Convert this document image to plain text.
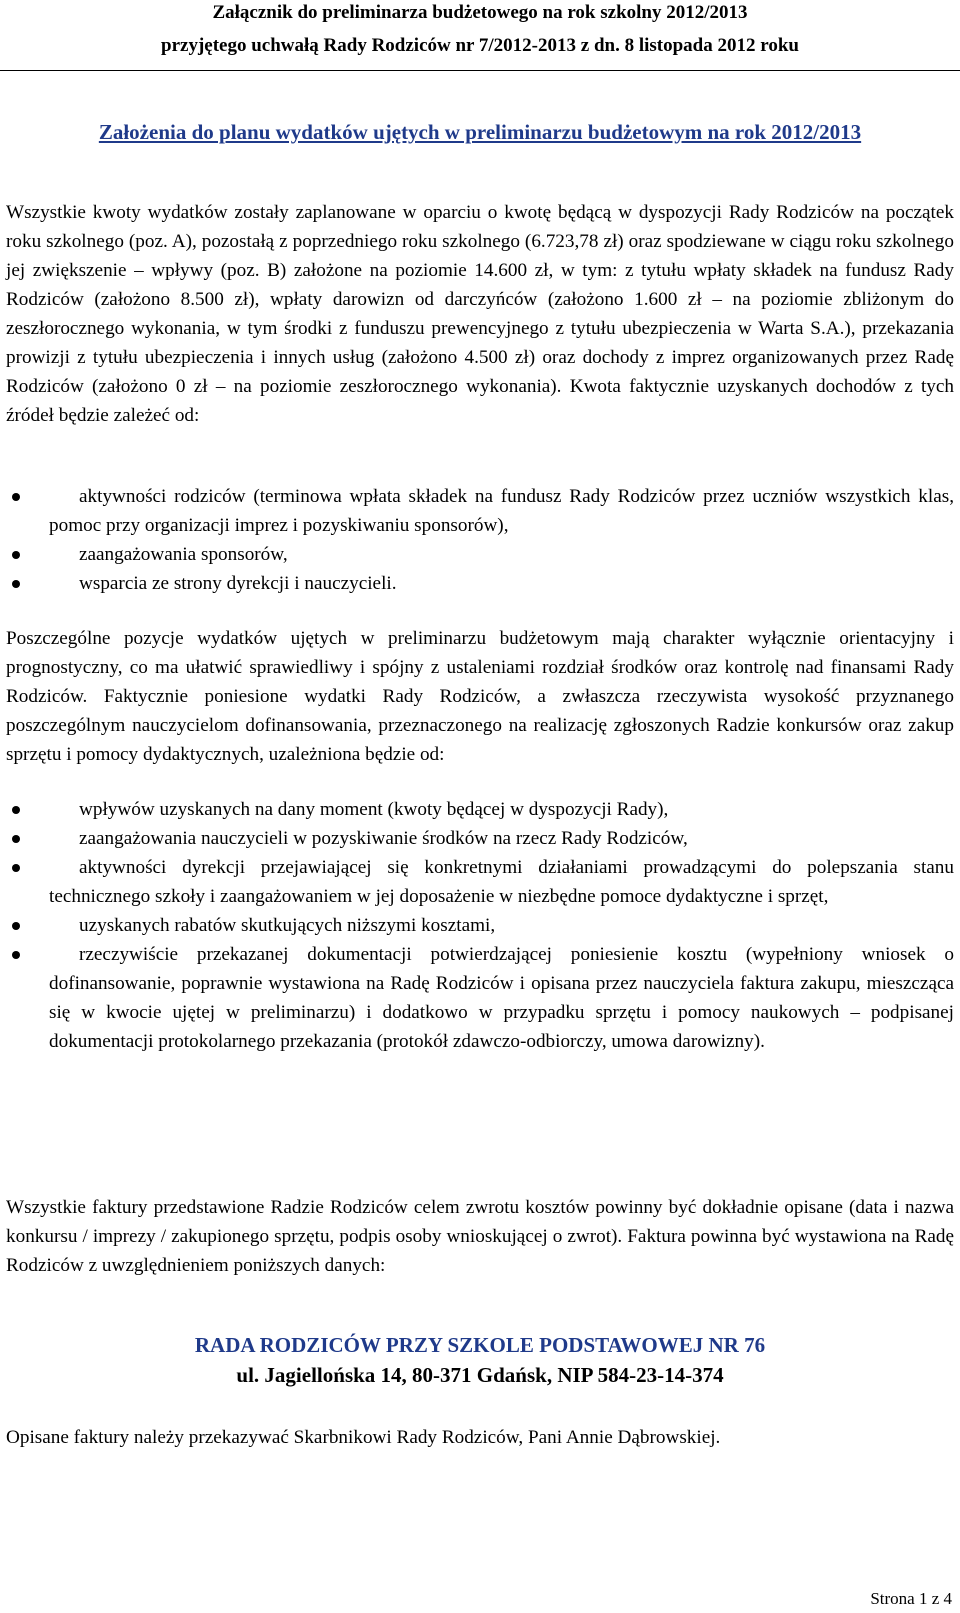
Załącznik do preliminarza budżetowego na rok szkolny 2012/2013
przyjętego uchwałą Rady Rodziców nr 7/2012-2013 z dn. 8 listopada 2012 roku
Założenia do planu wydatków ujętych w preliminarzu budżetowym na rok 2012/2013

Wszystkie kwoty wydatków zostały zaplanowane w oparciu o kwotę będącą w dyspozycji Rady Rodziców na początek roku szkolnego (poz. A), pozostałą z poprzedniego roku szkolnego (6.723,78 zł) oraz spodziewane w ciągu roku szkolnego jej zwiększenie – wpływy (poz. B) założone na poziomie 14.600 zł, w tym: z tytułu wpłaty składek na fundusz Rady Rodziców (założono 8.500 zł), wpłaty darowizn od darczyńców (założono 1.600 zł – na poziomie zbliżonym do zeszłorocznego wykonania, w tym środki z funduszu prewencyjnego z tytułu ubezpieczenia w Warta S.A.), przekazania prowizji z tytułu ubezpieczenia i innych usług (założono 4.500 zł) oraz dochody z imprez organizowanych przez Radę Rodziców (założono 0 zł – na poziomie zeszłorocznego wykonania). Kwota faktycznie uzyskanych dochodów z tych źródeł będzie zależeć od:

aktywności rodziców (terminowa wpłata składek na fundusz Rady Rodziców przez uczniów wszystkich klas, pomoc przy organizacji imprez i pozyskiwaniu sponsorów),
zaangażowania sponsorów,
wsparcia ze strony dyrekcji i nauczycieli.

Poszczególne pozycje wydatków ujętych w preliminarzu budżetowym mają charakter wyłącznie orientacyjny i prognostyczny, co ma ułatwić sprawiedliwy i spójny z ustaleniami rozdział środków oraz kontrolę nad finansami Rady Rodziców. Faktycznie poniesione wydatki Rady Rodziców, a zwłaszcza rzeczywista wysokość przyznanego poszczególnym nauczycielom dofinansowania, przeznaczonego na realizację zgłoszonych Radzie konkursów oraz zakup sprzętu i pomocy dydaktycznych, uzależniona będzie od:

wpływów uzyskanych na dany moment (kwoty będącej w dyspozycji Rady),
zaangażowania nauczycieli w pozyskiwanie środków na rzecz Rady Rodziców,
aktywności dyrekcji przejawiającej się konkretnymi działaniami prowadzącymi do polepszania stanu technicznego szkoły i zaangażowaniem w jej doposażenie w niezbędne pomoce dydaktyczne i sprzęt,
uzyskanych rabatów skutkujących niższymi kosztami,
rzeczywiście przekazanej dokumentacji potwierdzającej poniesienie kosztu (wypełniony wniosek o dofinansowanie, poprawnie wystawiona na Radę Rodziców i opisana przez nauczyciela faktura zakupu, mieszcząca się w kwocie ujętej w preliminarzu) i dodatkowo w przypadku sprzętu i pomocy naukowych – podpisanej dokumentacji protokolarnego przekazania (protokół zdawczo-odbiorczy, umowa darowizny).

Wszystkie faktury przedstawione Radzie Rodziców celem zwrotu kosztów powinny być dokładnie opisane (data i nazwa konkursu / imprezy / zakupionego sprzętu, podpis osoby wnioskującej o zwrot). Faktura powinna być wystawiona na Radę Rodziców z uwzględnieniem poniższych danych:

RADA RODZICÓW PRZY SZKOLE PODSTAWOWEJ NR 76
ul. Jagiellońska 14, 80-371 Gdańsk, NIP 584-23-14-374

Opisane faktury należy przekazywać Skarbnikowi Rady Rodziców, Pani Annie Dąbrowskiej.

Strona 1 z 4
